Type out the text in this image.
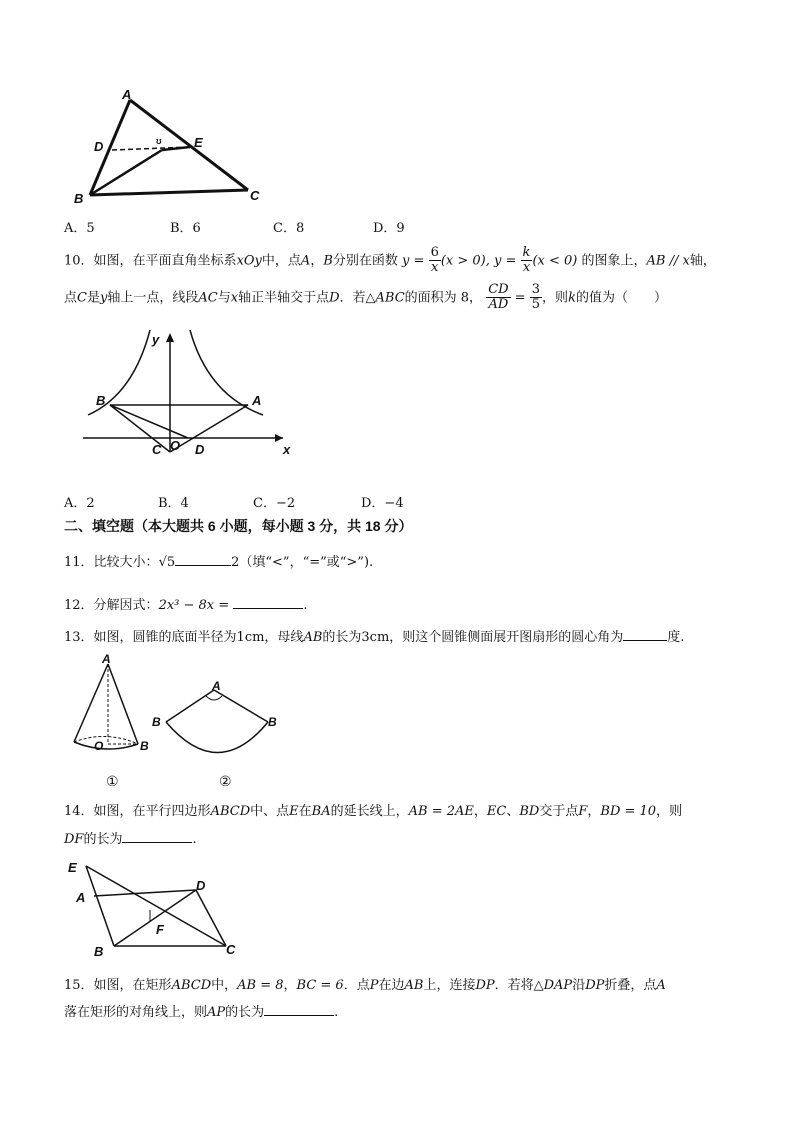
A
D	E
B	C
ʊ
A．5	B．6	C．8	D．9
10．如图，在平面直角坐标系xOy中，点A，B分别在函数 $y = \frac{6}{x} (x > 0)$, $y = \frac{k}{x} (x < 0)$ 的图象上，AB // x轴，
点C是y轴上一点，线段AC与x轴正半轴交于点D．若△ABC的面积为 8， $\frac{CD}{AD} = \frac{3}{5}$ ，则k的值为（　　）
y
x
B	A
O D
C
A．2	B．4	C．−2	D．−4
二、填空题（本大题共 6 小题，每小题 3 分，共 18 分）
11．比较大小：√5	2（填“<”，“=”或“>”).
12．分解因式：2x³ − 8x =	.
13．如图，圆锥的底面半径为1cm，母线AB的长为3cm，则这个圆锥侧面展开图扇形的圆心角为	度.
A
O	B
A
B	B
①	②
14．如图，在平行四边形ABCD中、点E在BA的延长线上，AB = 2AE，EC、BD交于点F，BD = 10，则
DF的长为	.
E
A
D
F
B	C
15．如图，在矩形ABCD中，AB = 8，BC = 6．点P在边AB上，连接DP．若将△DAP沿DP折叠，点A
落在矩形的对角线上，则AP的长为	.
